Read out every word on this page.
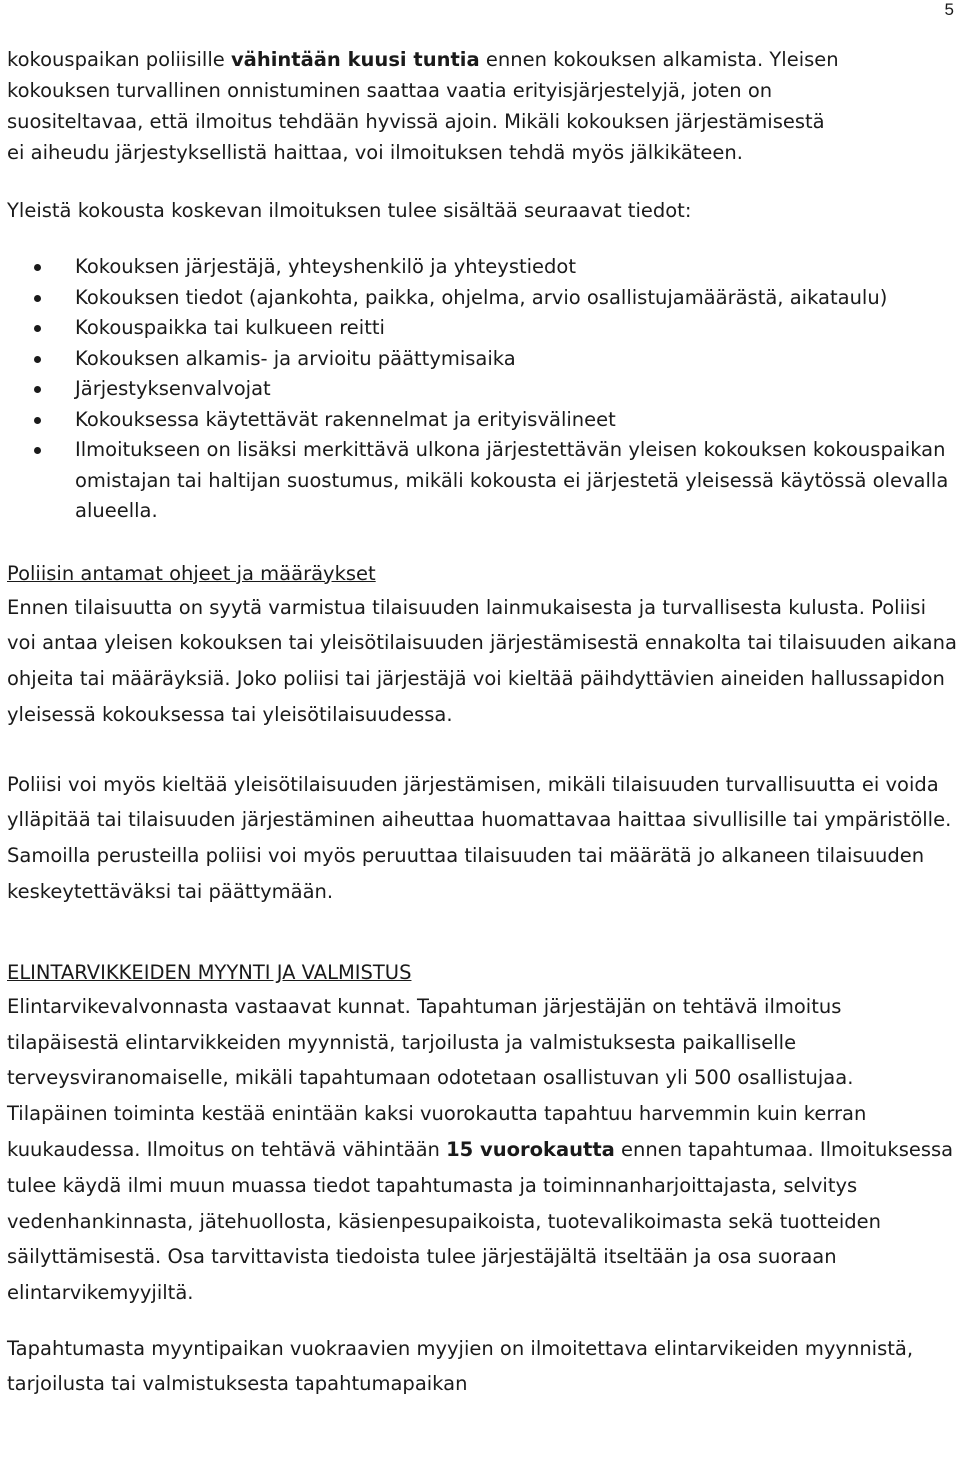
5

kokouspaikan poliisille vähintään kuusi tuntia ennen kokouksen alkamista. Yleisen
kokouksen turvallinen onnistuminen saattaa vaatia erityisjärjestelyjä, joten on
suositeltavaa, että ilmoitus tehdään hyvissä ajoin. Mikäli kokouksen järjestämisestä
ei aiheudu järjestyksellistä haittaa, voi ilmoituksen tehdä myös jälkikäteen.

Yleistä kokousta koskevan ilmoituksen tulee sisältää seuraavat tiedot:

Kokouksen järjestäjä, yhteyshenkilö ja yhteystiedot
Kokouksen tiedot (ajankohta, paikka, ohjelma, arvio osallistujamäärästä, aikataulu)
Kokouspaikka tai kulkueen reitti
Kokouksen alkamis- ja arvioitu päättymisaika
Järjestyksenvalvojat
Kokouksessa käytettävät rakennelmat ja erityisvälineet
Ilmoitukseen on lisäksi merkittävä ulkona järjestettävän yleisen kokouksen kokouspaikan omistajan tai haltijan suostumus, mikäli kokousta ei järjestetä yleisessä käytössä olevalla alueella.
Poliisin antamat ohjeet ja määräykset

Ennen tilaisuutta on syytä varmistua tilaisuuden lainmukaisesta ja turvallisesta kulusta. Poliisi voi antaa yleisen kokouksen tai yleisötilaisuuden järjestämisestä ennakolta tai tilaisuuden aikana ohjeita tai määräyksiä. Joko poliisi tai järjestäjä voi kieltää päihdyttävien aineiden hallussapidon yleisessä kokouksessa tai yleisötilaisuudessa.

Poliisi voi myös kieltää yleisötilaisuuden järjestämisen, mikäli tilaisuuden turvallisuutta ei voida ylläpitää tai tilaisuuden järjestäminen aiheuttaa huomattavaa haittaa sivullisille tai ympäristölle. Samoilla perusteilla poliisi voi myös peruuttaa tilaisuuden tai määrätä jo alkaneen tilaisuuden keskeytettäväksi tai päättymään.

ELINTARVIKKEIDEN MYYNTI JA VALMISTUS

Elintarvikevalvonnasta vastaavat kunnat. Tapahtuman järjestäjän on tehtävä ilmoitus tilapäisestä elintarvikkeiden myynnistä, tarjoilusta ja valmistuksesta paikalliselle terveysviranomaiselle, mikäli tapahtumaan odotetaan osallistuvan yli 500 osallistujaa. Tilapäinen toiminta kestää enintään kaksi vuorokautta tapahtuu harvemmin kuin kerran kuukaudessa. Ilmoitus on tehtävä vähintään 15 vuorokautta ennen tapahtumaa. Ilmoituksessa tulee käydä ilmi muun muassa tiedot tapahtumasta ja toiminnanharjoittajasta, selvitys vedenhankinnasta, jätehuollosta, käsienpesupaikoista, tuotevalikoimasta sekä tuotteiden säilyttämisestä. Osa tarvittavista tiedoista tulee järjestäjältä itseltään ja osa suoraan elintarvikemyyjiltä.

Tapahtumasta myyntipaikan vuokraavien myyjien on ilmoitettava elintarvikeiden myynnistä, tarjoilusta tai valmistuksesta tapahtumapaikan
